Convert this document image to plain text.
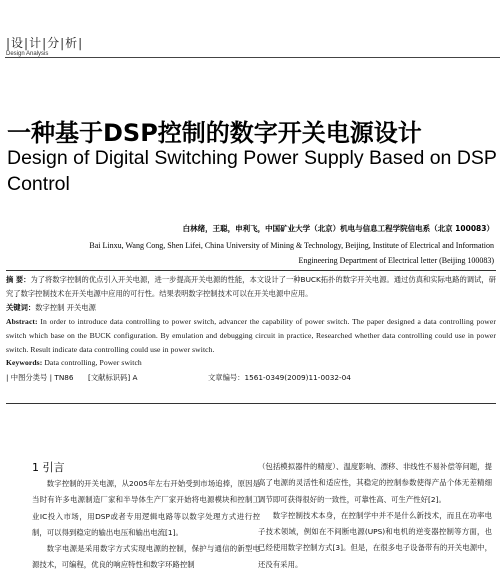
|设|计|分|析|
Design Analysis
一种基于DSP控制的数字开关电源设计
Design of Digital Switching Power Supply Based on DSP Control
白林绪，王聪，申利飞，中国矿业大学（北京）机电与信息工程学院信电系（北京 100083）
Bai Linxu, Wang Cong, Shen Lifei, China University of Mining & Technology, Beijing, Institute of Electrical and Information Engineering Department of Electrical letter (Beijing 100083)
摘 要：为了将数字控制的优点引入开关电源，进一步提高开关电源的性能，本文设计了一种BUCK拓扑的数字开关电源。通过仿真和实际电路的调试，研究了数字控制技术在开关电源中应用的可行性。结果表明数字控制技术可以在开关电源中应用。
关键词：数字控制 开关电源
Abstract: In order to introduce data controlling to power switch, advancer the capability of power switch. The paper designed a data controlling power switch which base on the BUCK configuration. By emulation and debugging circuit in practice, Researched whether data controlling could use in power switch. Result indicate data controlling could use in power switch.
Keywords: Data controlling, Power switch
| 中图分类号 | TN86	[文献标识码] A	文章编号：1561-0349(2009)11-0032-04
1 引言
数字控制的开关电源，从2005年左右开始受到市场追捧，原因是当时有许多电源制造厂家和半导体生产厂家开始将电源模块和控制工业IC投入市场，用DSP或者专用逻辑电路等以数字处理方式进行控制，可以得到稳定的输出电压和输出电流[1]。
数字电源是采用数字方式实现电源的控制，保护与通信的新型电源技术，可编程，优良的响应特性和数字环路控制
（包括模拟器件的精度）、温度影响、漂移、非线性不易补偿等问题，提高了电源的灵活性和适应性，其稳定的控制参数使得产品个体无差精细调节即可获得很好的一致性，可靠性高、可生产性好[2]。
数字控制技术本身，在控制学中并不是什么新技术，而且在功率电子技术领域，例如在不间断电源(UPS)和电机的逆变器控制等方面，也已经使用数字控制方式[3]。但是，在很多电子设备带有的开关电源中，还没有采用。
